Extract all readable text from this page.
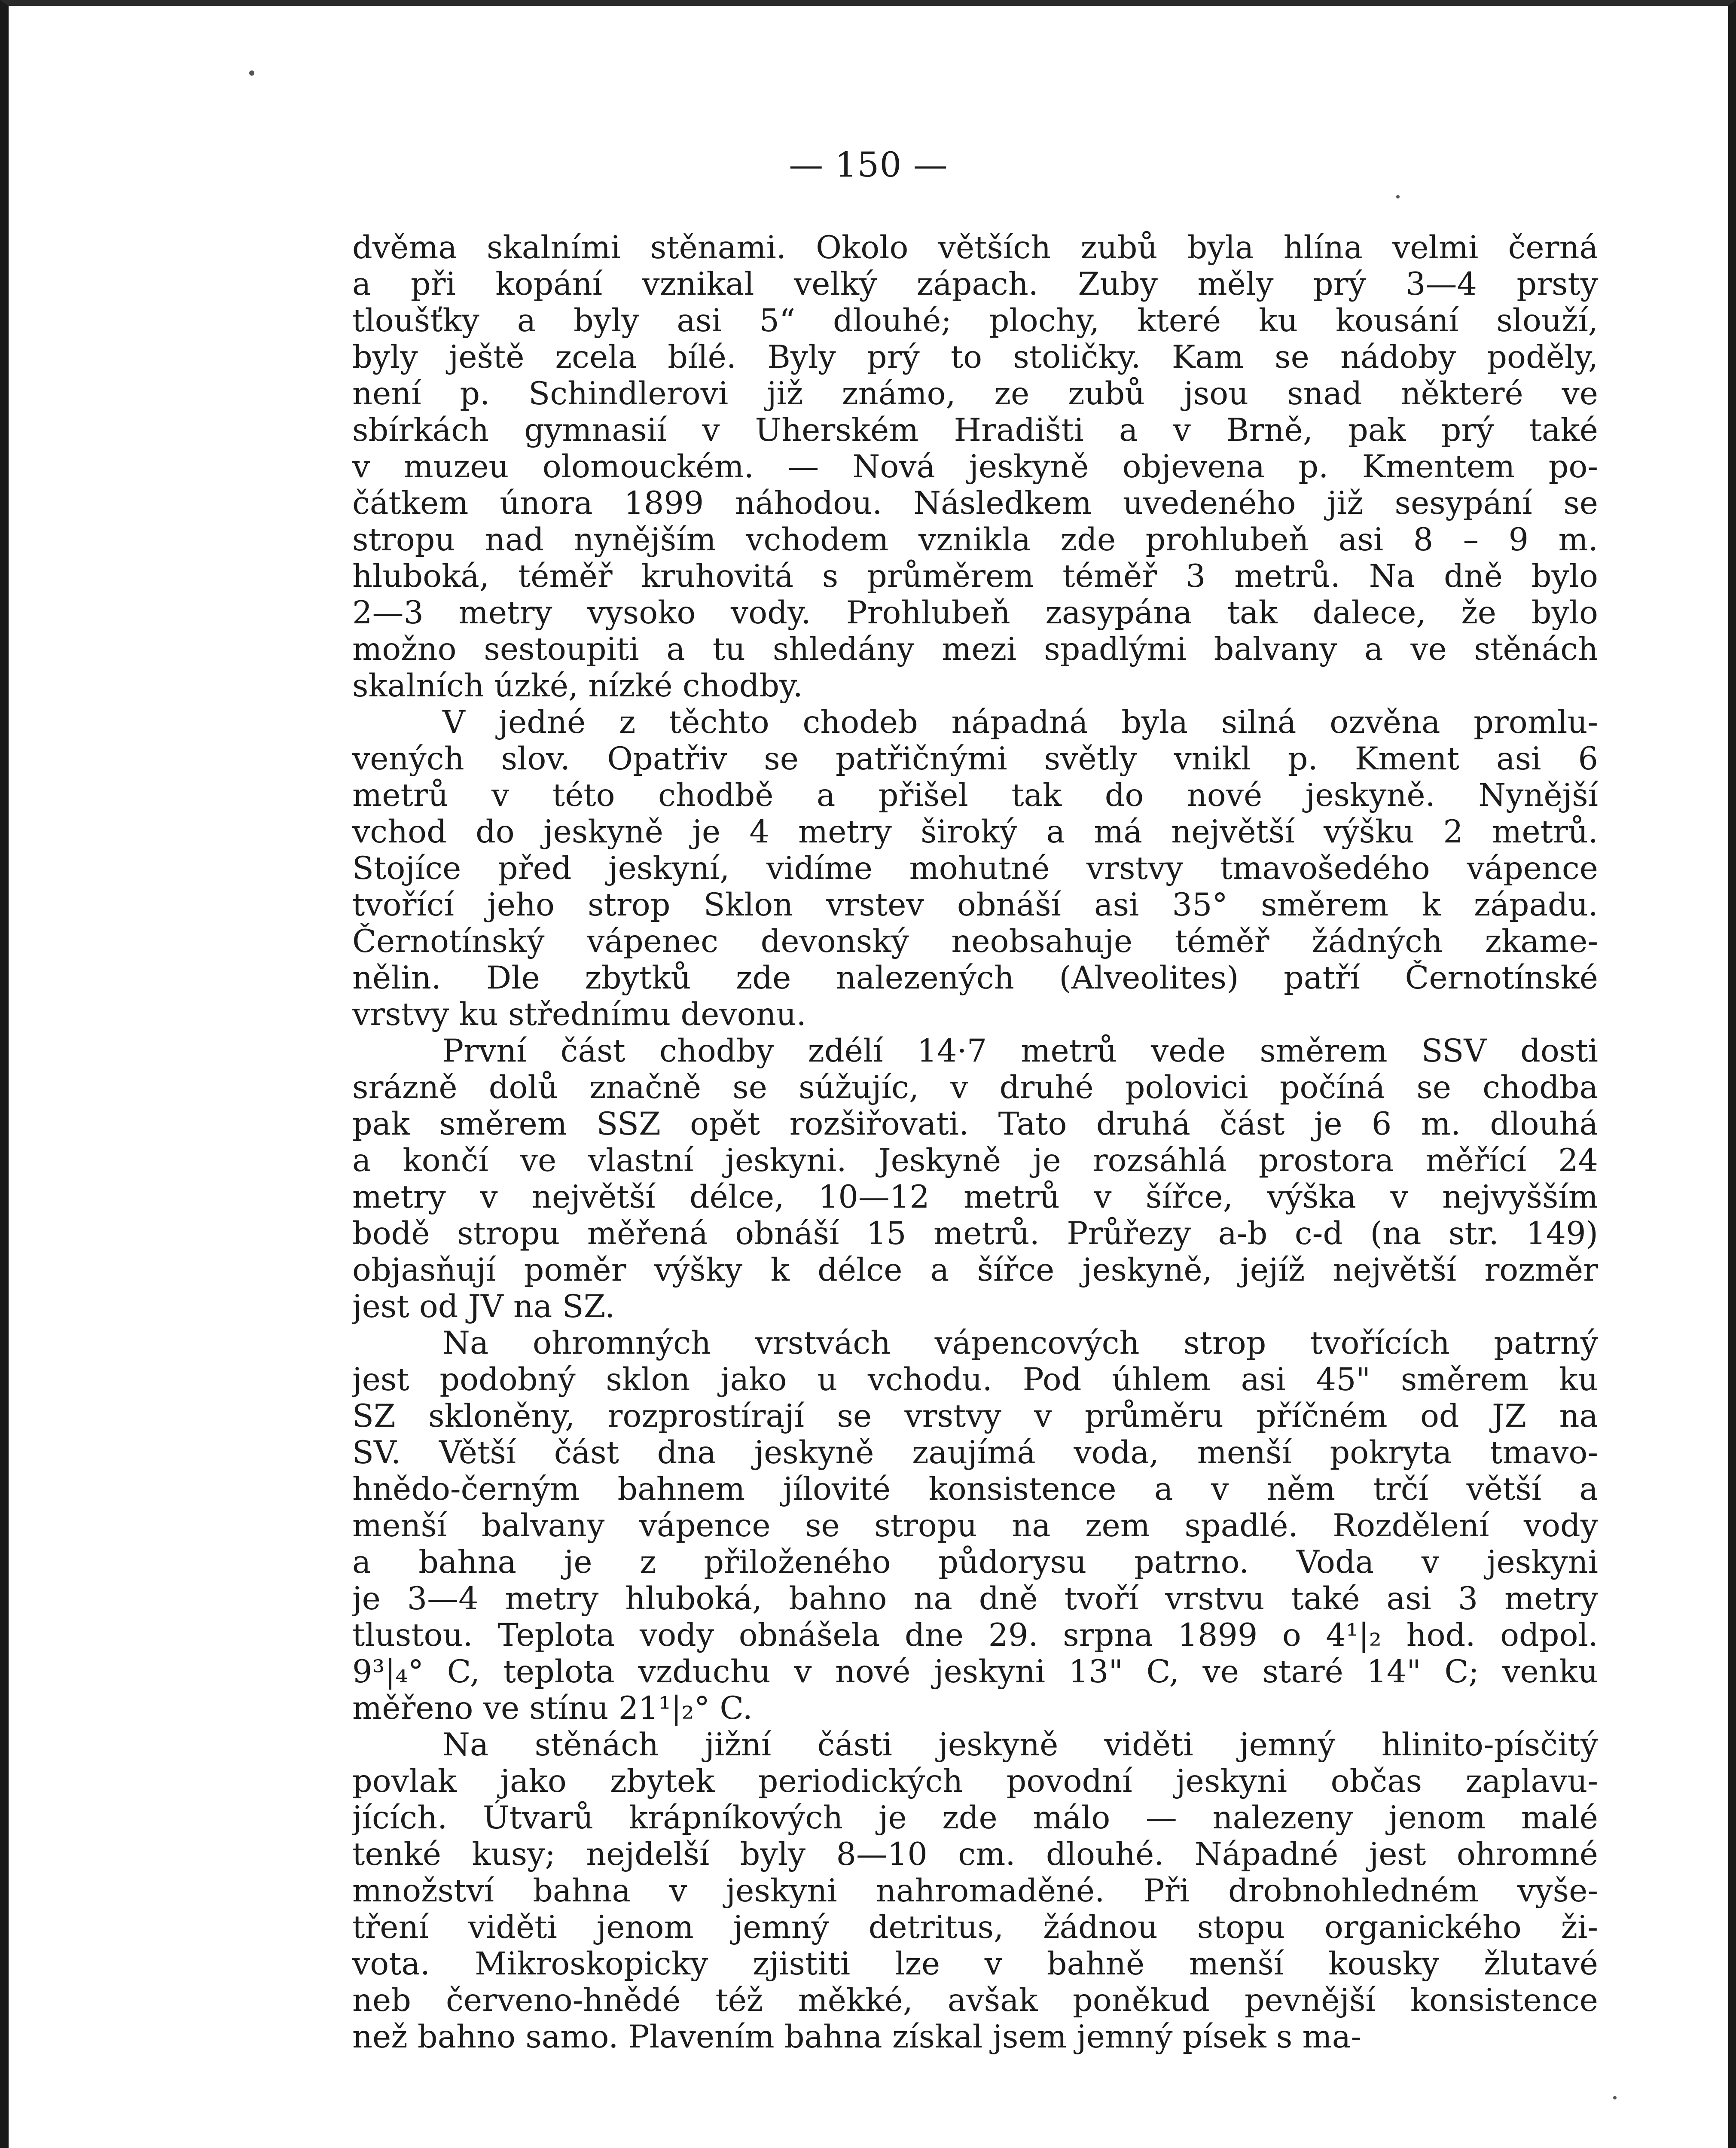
— 150 —
dvěma skalními stěnami. Okolo větších zubů byla hlína velmi černá
a při kopání vznikal velký zápach. Zuby měly prý 3—4 prsty
tloušťky a byly asi 5“ dlouhé; plochy, které ku kousání slouží,
byly ještě zcela bílé. Byly prý to stoličky. Kam se nádoby poděly,
není p. Schindlerovi již známo, ze zubů jsou snad některé ve
sbírkách gymnasií v Uherském Hradišti a v Brně, pak prý také
v muzeu olomouckém. — Nová jeskyně objevena p. Kmentem po-
čátkem února 1899 náhodou. Následkem uvedeného již sesypání se
stropu nad nynějším vchodem vznikla zde prohlubeň asi 8 – 9 m.
hluboká, téměř kruhovitá s průměrem téměř 3 metrů. Na dně bylo
2—3 metry vysoko vody. Prohlubeň zasypána tak dalece, že bylo
možno sestoupiti a tu shledány mezi spadlými balvany a ve stěnách
skalních úzké, nízké chodby.
V jedné z těchto chodeb nápadná byla silná ozvěna promlu-
vených slov. Opatřiv se patřičnými světly vnikl p. Kment asi 6
metrů v této chodbě a přišel tak do nové jeskyně. Nynější
vchod do jeskyně je 4 metry široký a má největší výšku 2 metrů.
Stojíce před jeskyní, vidíme mohutné vrstvy tmavošedého vápence
tvořící jeho strop Sklon vrstev obnáší asi 35° směrem k západu.
Černotínský vápenec devonský neobsahuje téměř žádných zkame-
nělin. Dle zbytků zde nalezených (Alveolites) patří Černotínské
vrstvy ku střednímu devonu.
První část chodby zdélí 14·7 metrů vede směrem SSV dosti
srázně dolů značně se súžujíc, v druhé polovici počíná se chodba
pak směrem SSZ opět rozšiřovati. Tato druhá část je 6 m. dlouhá
a končí ve vlastní jeskyni. Jeskyně je rozsáhlá prostora měřící 24
metry v největší délce, 10—12 metrů v šířce, výška v nejvyšším
bodě stropu měřená obnáší 15 metrů. Průřezy a-b c-d (na str. 149)
objasňují poměr výšky k délce a šířce jeskyně, jejíž největší rozměr
jest od JV na SZ.
Na ohromných vrstvách vápencových strop tvořících patrný
jest podobný sklon jako u vchodu. Pod úhlem asi 45" směrem ku
SZ skloněny, rozprostírají se vrstvy v průměru příčném od JZ na
SV. Větší část dna jeskyně zaujímá voda, menší pokryta tmavo-
hnědo-černým bahnem jílovité konsistence a v něm trčí větší a
menší balvany vápence se stropu na zem spadlé. Rozdělení vody
a bahna je z přiloženého půdorysu patrno. Voda v jeskyni
je 3—4 metry hluboká, bahno na dně tvoří vrstvu také asi 3 metry
tlustou. Teplota vody obnášela dne 29. srpna 1899 o 4¹|₂ hod. odpol.
9³|₄° C, teplota vzduchu v nové jeskyni 13" C, ve staré 14" C; venku
měřeno ve stínu 21¹|₂° C.
Na stěnách jižní části jeskyně viděti jemný hlinito-písčitý
povlak jako zbytek periodických povodní jeskyni občas zaplavu-
jících. Útvarů krápníkových je zde málo — nalezeny jenom malé
tenké kusy; nejdelší byly 8—10 cm. dlouhé. Nápadné jest ohromné
množství bahna v jeskyni nahromaděné. Při drobnohledném vyše-
tření viděti jenom jemný detritus, žádnou stopu organického ži-
vota. Mikroskopicky zjistiti lze v bahně menší kousky žlutavé
neb červeno-hnědé též měkké, avšak poněkud pevnější konsistence
než bahno samo. Plavením bahna získal jsem jemný písek s ma-
